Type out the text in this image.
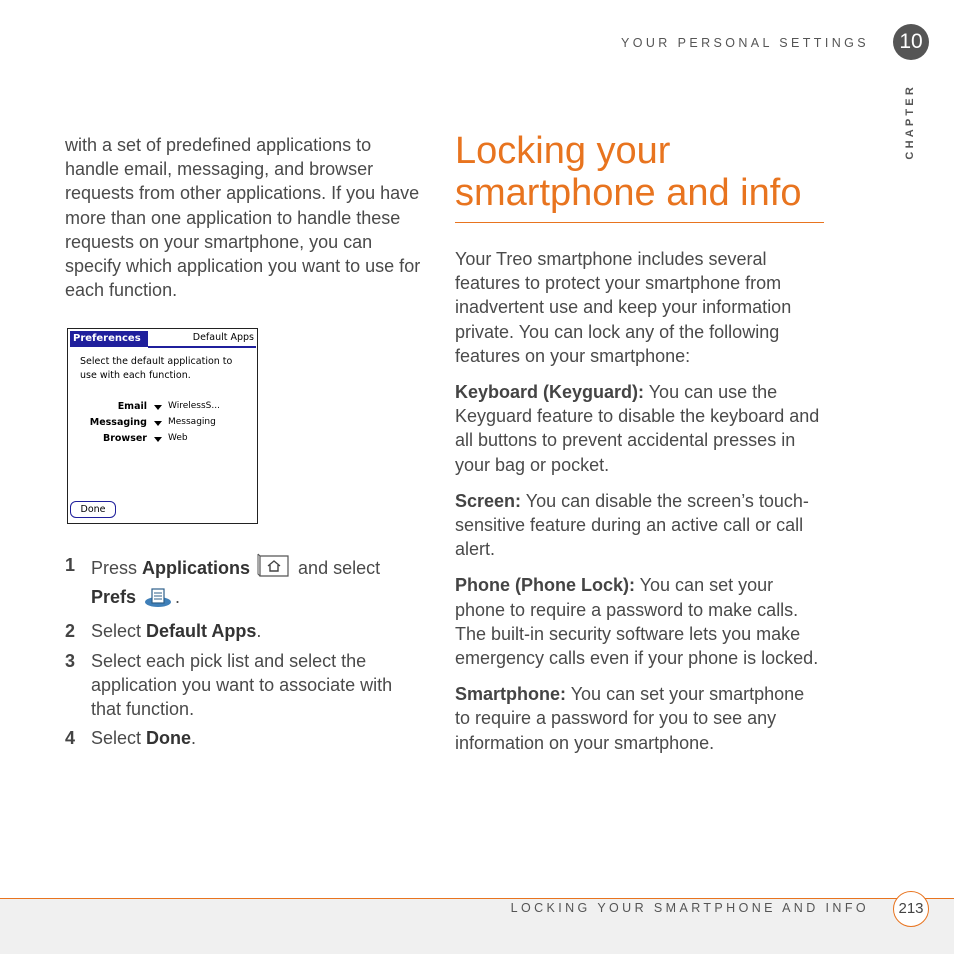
YOUR PERSONAL SETTINGS	10
CHAPTER

with a set of predefined applications to handle email, messaging, and browser requests from other applications. If you have more than one application to handle these requests on your smartphone, you can specify which application you want to use for each function.

Preferences	Default Apps
Select the default application to use with each function.
Email WirelessS...
Messaging Messaging
Browser Web
Done
1 Press Applications  and select
Prefs .
2 Select Default Apps.
3 Select each pick list and select the application you want to associate with that function.
4 Select Done.
Locking your smartphone and info

Your Treo smartphone includes several features to protect your smartphone from inadvertent use and keep your information private. You can lock any of the following features on your smartphone:

Keyboard (Keyguard): You can use the Keyguard feature to disable the keyboard and all buttons to prevent accidental presses in your bag or pocket.

Screen: You can disable the screen’s touch-sensitive feature during an active call or call alert.

Phone (Phone Lock): You can set your phone to require a password to make calls. The built-in security software lets you make emergency calls even if your phone is locked.

Smartphone: You can set your smartphone to require a password for you to see any information on your smartphone.

LOCKING YOUR SMARTPHONE AND INFO	213
